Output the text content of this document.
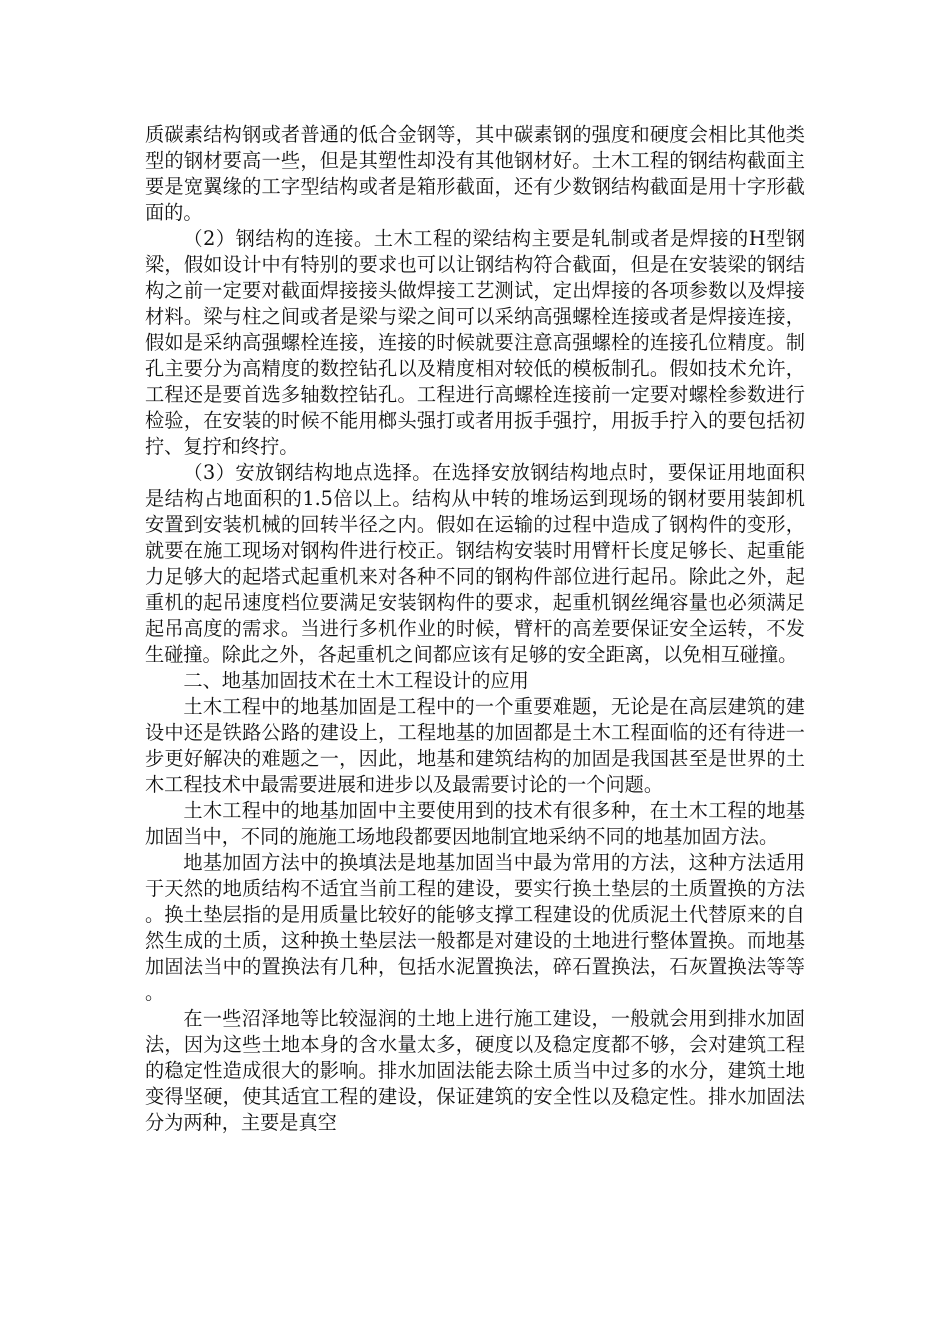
质碳素结构钢或者普通的低合金钢等，其中碳素钢的强度和硬度会相比其他类型的钢材要高一些，但是其塑性却没有其他钢材好。土木工程的钢结构截面主要是宽翼缘的工字型结构或者是箱形截面，还有少数钢结构截面是用十字形截面的。

（2）钢结构的连接。土木工程的梁结构主要是轧制或者是焊接的H型钢梁，假如设计中有特别的要求也可以让钢结构符合截面，但是在安装梁的钢结构之前一定要对截面焊接接头做焊接工艺测试，定出焊接的各项参数以及焊接材料。梁与柱之间或者是梁与梁之间可以采纳高强螺栓连接或者是焊接连接，假如是采纳高强螺栓连接，连接的时候就要注意高强螺栓的连接孔位精度。制孔主要分为高精度的数控钻孔以及精度相对较低的模板制孔。假如技术允许，工程还是要首选多轴数控钻孔。工程进行高螺栓连接前一定要对螺栓参数进行检验，在安装的时候不能用榔头强打或者用扳手强拧，用扳手拧入的要包括初拧、复拧和终拧。

（3）安放钢结构地点选择。在选择安放钢结构地点时，要保证用地面积是结构占地面积的1.5倍以上。结构从中转的堆场运到现场的钢材要用装卸机安置到安装机械的回转半径之内。假如在运输的过程中造成了钢构件的变形，就要在施工现场对钢构件进行校正。钢结构安装时用臂杆长度足够长、起重能力足够大的起塔式起重机来对各种不同的钢构件部位进行起吊。除此之外，起重机的起吊速度档位要满足安装钢构件的要求，起重机钢丝绳容量也必须满足起吊高度的需求。当进行多机作业的时候，臂杆的高差要保证安全运转，不发生碰撞。除此之外，各起重机之间都应该有足够的安全距离，以免相互碰撞。

二、地基加固技术在土木工程设计的应用

土木工程中的地基加固是工程中的一个重要难题，无论是在高层建筑的建设中还是铁路公路的建设上，工程地基的加固都是土木工程面临的还有待进一步更好解决的难题之一，因此，地基和建筑结构的加固是我国甚至是世界的土木工程技术中最需要进展和进步以及最需要讨论的一个问题。

土木工程中的地基加固中主要使用到的技术有很多种，在土木工程的地基加固当中，不同的施施工场地段都要因地制宜地采纳不同的地基加固方法。

地基加固方法中的换填法是地基加固当中最为常用的方法，这种方法适用于天然的地质结构不适宜当前工程的建设，要实行换土垫层的土质置换的方法。换土垫层指的是用质量比较好的能够支撑工程建设的优质泥土代替原来的自然生成的土质，这种换土垫层法一般都是对建设的土地进行整体置换。而地基加固法当中的置换法有几种，包括水泥置换法，碎石置换法，石灰置换法等等。

在一些沼泽地等比较湿润的土地上进行施工建设，一般就会用到排水加固法，因为这些土地本身的含水量太多，硬度以及稳定度都不够，会对建筑工程的稳定性造成很大的影响。排水加固法能去除土质当中过多的水分，建筑土地变得坚硬，使其适宜工程的建设，保证建筑的安全性以及稳定性。排水加固法分为两种，主要是真空
